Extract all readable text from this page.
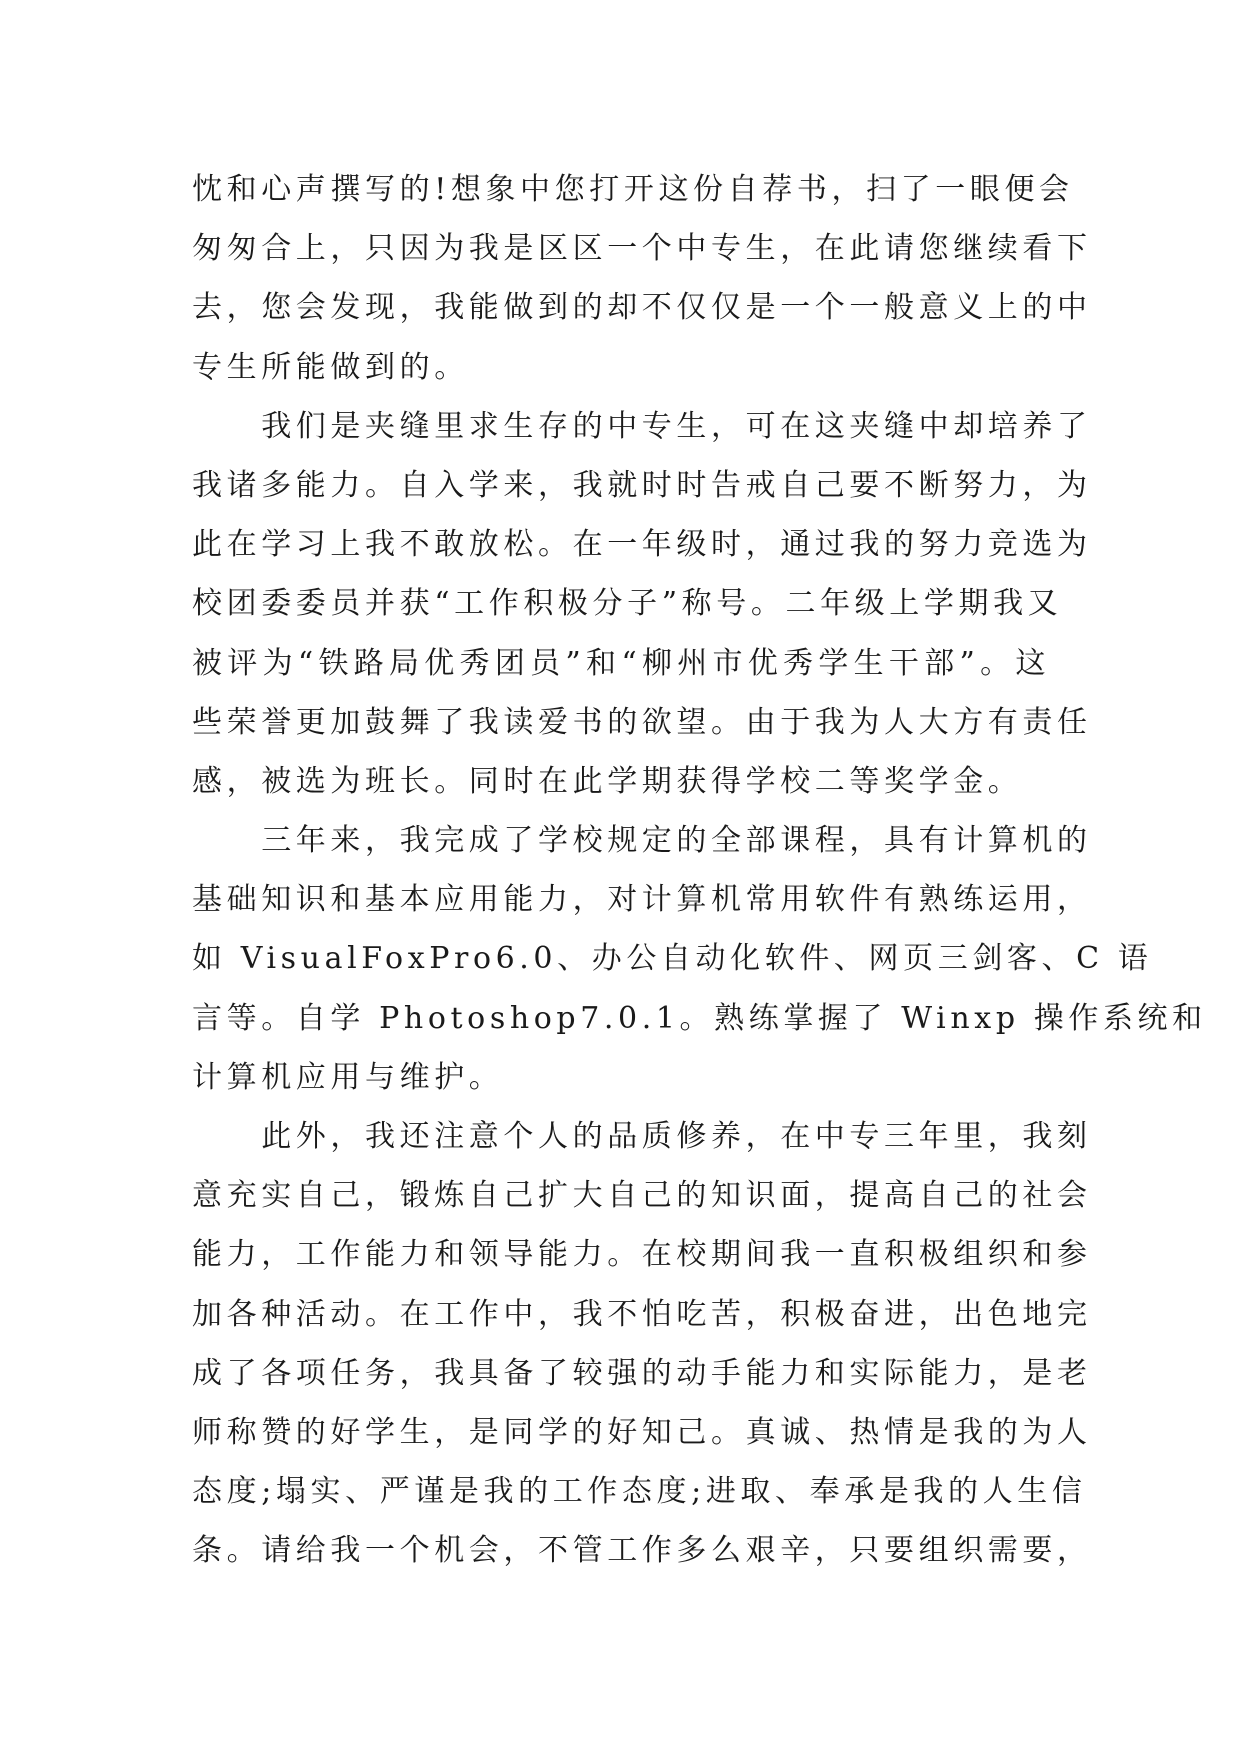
忱和心声撰写的!想象中您打开这份自荐书，扫了一眼便会
匆匆合上，只因为我是区区一个中专生，在此请您继续看下
去，您会发现，我能做到的却不仅仅是一个一般意义上的中
专生所能做到的。
　　我们是夹缝里求生存的中专生，可在这夹缝中却培养了
我诸多能力。自入学来，我就时时告戒自己要不断努力，为
此在学习上我不敢放松。在一年级时，通过我的努力竞选为
校团委委员并获“工作积极分子”称号。二年级上学期我又
被评为“铁路局优秀团员”和“柳州市优秀学生干部”。这
些荣誉更加鼓舞了我读爱书的欲望。由于我为人大方有责任
感，被选为班长。同时在此学期获得学校二等奖学金。
　　三年来，我完成了学校规定的全部课程，具有计算机的
基础知识和基本应用能力，对计算机常用软件有熟练运用，
如 VisualFoxPro6.0、办公自动化软件、网页三剑客、C 语
言等。自学 Photoshop7.0.1。熟练掌握了 Winxp 操作系统和
计算机应用与维护。
　　此外，我还注意个人的品质修养，在中专三年里，我刻
意充实自己，锻炼自己扩大自己的知识面，提高自己的社会
能力，工作能力和领导能力。在校期间我一直积极组织和参
加各种活动。在工作中，我不怕吃苦，积极奋进，出色地完
成了各项任务，我具备了较强的动手能力和实际能力，是老
师称赞的好学生，是同学的好知己。真诚、热情是我的为人
态度;塌实、严谨是我的工作态度;进取、奉承是我的人生信
条。请给我一个机会，不管工作多么艰辛，只要组织需要，
